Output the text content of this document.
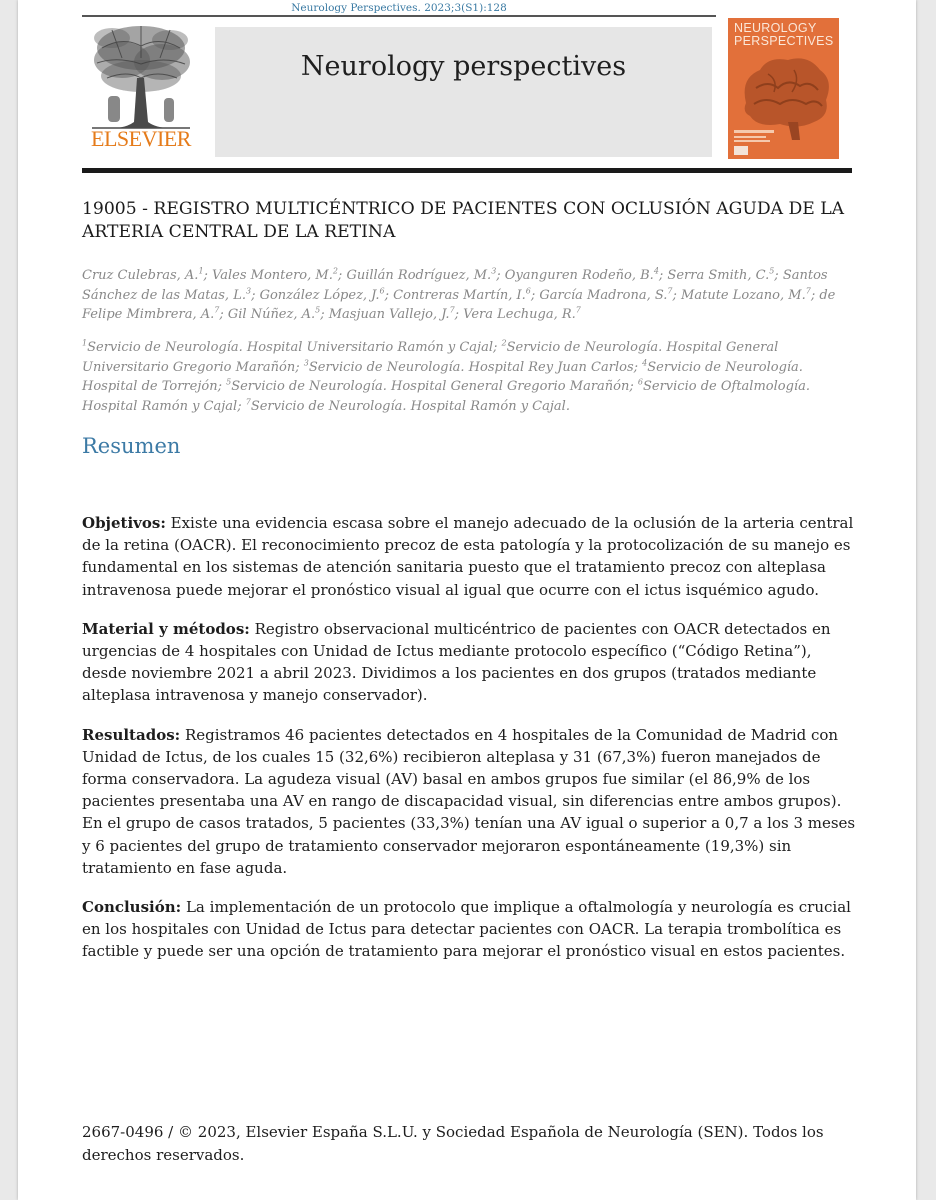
Neurology Perspectives. 2023;3(S1):128
ELSEVIER
Neurology perspectives
NEUROLOGY
PERSPECTIVES
19005 - REGISTRO MULTICÉNTRICO DE PACIENTES CON OCLUSIÓN AGUDA DE LA ARTERIA CENTRAL DE LA RETINA
Cruz Culebras, A.$^1$; Vales Montero, M.$^2$; Guillán Rodríguez, M.$^3$; Oyanguren Rodeño, B.$^4$; Serra Smith, C.$^5$; Santos Sánchez de las Matas, L.$^3$; González López, J.$^6$; Contreras Martín, I.$^6$; García Madrona, S.$^7$; Matute Lozano, M.$^7$; de Felipe Mimbrera, A.$^7$; Gil Núñez, A.$^5$; Masjuan Vallejo, J.$^7$; Vera Lechuga, R.$^7$
$^1$Servicio de Neurología. Hospital Universitario Ramón y Cajal; $^2$Servicio de Neurología. Hospital General Universitario Gregorio Marañón; $^3$Servicio de Neurología. Hospital Rey Juan Carlos; $^4$Servicio de Neurología. Hospital de Torrejón; $^5$Servicio de Neurología. Hospital General Gregorio Marañón; $^6$Servicio de Oftalmología. Hospital Ramón y Cajal; $^7$Servicio de Neurología. Hospital Ramón y Cajal.
Resumen

Objetivos: Existe una evidencia escasa sobre el manejo adecuado de la oclusión de la arteria central de la retina (OACR). El reconocimiento precoz de esta patología y la protocolización de su manejo es fundamental en los sistemas de atención sanitaria puesto que el tratamiento precoz con alteplasa intravenosa puede mejorar el pronóstico visual al igual que ocurre con el ictus isquémico agudo.

Material y métodos: Registro observacional multicéntrico de pacientes con OACR detectados en urgencias de 4 hospitales con Unidad de Ictus mediante protocolo específico (“Código Retina”), desde noviembre 2021 a abril 2023. Dividimos a los pacientes en dos grupos (tratados mediante alteplasa intravenosa y manejo conservador).

Resultados: Registramos 46 pacientes detectados en 4 hospitales de la Comunidad de Madrid con Unidad de Ictus, de los cuales 15 (32,6%) recibieron alteplasa y 31 (67,3%) fueron manejados de forma conservadora. La agudeza visual (AV) basal en ambos grupos fue similar (el 86,9% de los pacientes presentaba una AV en rango de discapacidad visual, sin diferencias entre ambos grupos). En el grupo de casos tratados, 5 pacientes (33,3%) tenían una AV igual o superior a 0,7 a los 3 meses y 6 pacientes del grupo de tratamiento conservador mejoraron espontáneamente (19,3%) sin tratamiento en fase aguda.

Conclusión: La implementación de un protocolo que implique a oftalmología y neurología es crucial en los hospitales con Unidad de Ictus para detectar pacientes con OACR. La terapia trombolítica es factible y puede ser una opción de tratamiento para mejorar el pronóstico visual en estos pacientes.

2667-0496 / © 2023, Elsevier España S.L.U. y Sociedad Española de Neurología (SEN). Todos los derechos reservados.
